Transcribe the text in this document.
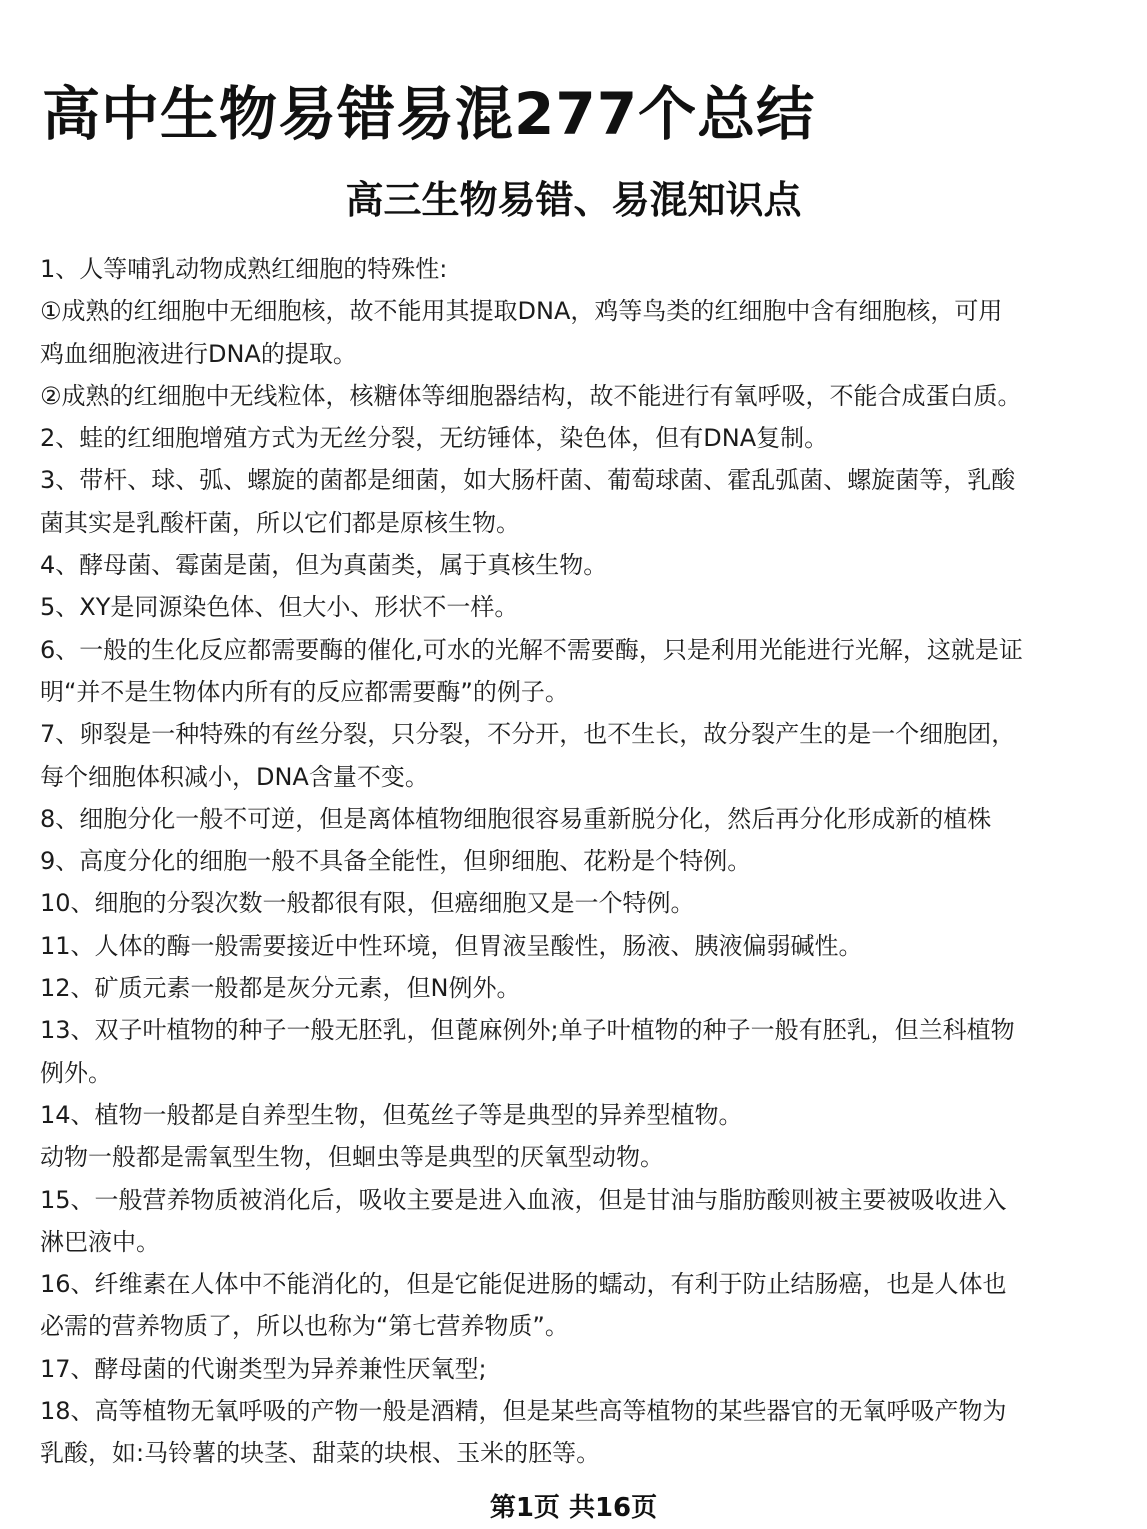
高中生物易错易混277个总结
高三生物易错、易混知识点
1、人等哺乳动物成熟红细胞的特殊性:
①成熟的红细胞中无细胞核，故不能用其提取DNA，鸡等鸟类的红细胞中含有细胞核，可用
鸡血细胞液进行DNA的提取。
②成熟的红细胞中无线粒体，核糖体等细胞器结构，故不能进行有氧呼吸，不能合成蛋白质。
2、蛙的红细胞增殖方式为无丝分裂，无纺锤体，染色体，但有DNA复制。
3、带杆、球、弧、螺旋的菌都是细菌，如大肠杆菌、葡萄球菌、霍乱弧菌、螺旋菌等，乳酸
菌其实是乳酸杆菌，所以它们都是原核生物。
4、酵母菌、霉菌是菌，但为真菌类，属于真核生物。
5、XY是同源染色体、但大小、形状不一样。
6、一般的生化反应都需要酶的催化,可水的光解不需要酶，只是利用光能进行光解，这就是证
明“并不是生物体内所有的反应都需要酶”的例子。
7、卵裂是一种特殊的有丝分裂，只分裂，不分开，也不生长，故分裂产生的是一个细胞团，
每个细胞体积减小，DNA含量不变。
8、细胞分化一般不可逆，但是离体植物细胞很容易重新脱分化，然后再分化形成新的植株
9、高度分化的细胞一般不具备全能性，但卵细胞、花粉是个特例。
10、细胞的分裂次数一般都很有限，但癌细胞又是一个特例。
11、人体的酶一般需要接近中性环境，但胃液呈酸性，肠液、胰液偏弱碱性。
12、矿质元素一般都是灰分元素，但N例外。
13、双子叶植物的种子一般无胚乳，但蓖麻例外;单子叶植物的种子一般有胚乳，但兰科植物
例外。
14、植物一般都是自养型生物，但菟丝子等是典型的异养型植物。
动物一般都是需氧型生物，但蛔虫等是典型的厌氧型动物。
15、一般营养物质被消化后，吸收主要是进入血液，但是甘油与脂肪酸则被主要被吸收进入
淋巴液中。
16、纤维素在人体中不能消化的，但是它能促进肠的蠕动，有利于防止结肠癌，也是人体也
必需的营养物质了，所以也称为“第七营养物质”。
17、酵母菌的代谢类型为异养兼性厌氧型;
18、高等植物无氧呼吸的产物一般是酒精，但是某些高等植物的某些器官的无氧呼吸产物为
乳酸，如:马铃薯的块茎、甜菜的块根、玉米的胚等。
第1页 共16页
